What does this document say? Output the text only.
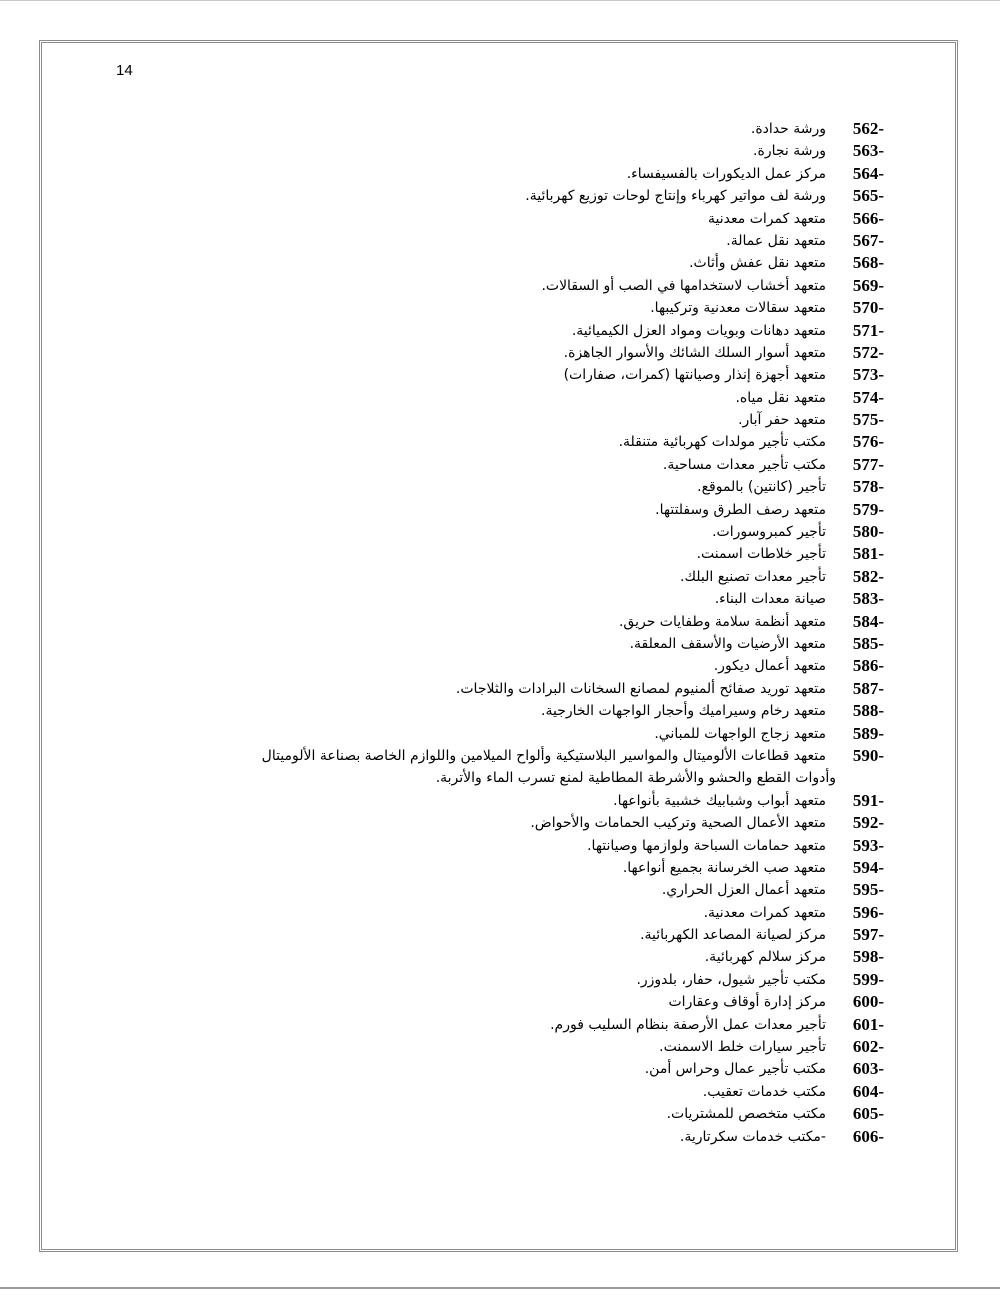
14
562-
ورشة حدادة.
563-
ورشة نجارة.
564-
مركز عمل الديكورات بالفسيفساء.
565-
ورشة لف مواتير كهرباء وإنتاج لوحات توزيع كهربائية.
566-
متعهد كمرات معدنية
567-
متعهد نقل عمالة.
568-
متعهد نقل عفش وأثاث.
569-
متعهد أخشاب لاستخدامها في الصب أو السقالات.
570-
متعهد سقالات معدنية وتركيبها.
571-
متعهد دهانات وبويات ومواد العزل الكيميائية.
572-
متعهد أسوار السلك الشائك والأسوار الجاهزة.
573-
متعهد أجهزة إنذار وصيانتها (كمرات، صفارات)
574-
متعهد نقل مياه.
575-
متعهد حفر آبار.
576-
مكتب تأجير مولدات كهربائية متنقلة.
577-
مكتب تأجير معدات مساحية.
578-
تأجير (كانتين) بالموقع.
579-
متعهد رصف الطرق وسفلتتها.
580-
تأجير كمبروسورات.
581-
تأجير خلاطات اسمنت.
582-
تأجير معدات تصنيع البلك.
583-
صيانة معدات البناء.
584-
متعهد أنظمة سلامة وطفايات حريق.
585-
متعهد الأرضيات والأسقف المعلقة.
586-
متعهد أعمال ديكور.
587-
متعهد توريد صفائح ألمنيوم لمصانع السخانات البرادات والثلاجات.
588-
متعهد رخام وسيراميك وأحجار الواجهات الخارجية.
589-
متعهد زجاج الواجهات للمباني.
590-
متعهد قطاعات الألوميتال والمواسير البلاستيكية وألواح الميلامين واللوازم الخاصة بصناعة الألوميتال
وأدوات القطع والحشو والأشرطة المطاطية لمنع تسرب الماء والأتربة.
591-
متعهد أبواب وشبابيك خشبية بأنواعها.
592-
متعهد الأعمال الصحية وتركيب الحمامات والأحواض.
593-
متعهد حمامات السباحة ولوازمها وصيانتها.
594-
متعهد صب الخرسانة بجميع أنواعها.
595-
متعهد أعمال العزل الحراري.
596-
متعهد كمرات معدنية.
597-
مركز لصيانة المصاعد الكهربائية.
598-
مركز سلالم كهربائية.
599-
مكتب تأجير شيول، حفار، بلدوزر.
600-
مركز إدارة أوقاف وعقارات
601-
تأجير معدات عمل الأرصفة بنظام السليب فورم.
602-
تأجير سيارات خلط الاسمنت.
603-
مكتب تأجير عمال وحراس أمن.
604-
مكتب خدمات تعقيب.
605-
مكتب متخصص للمشتريات.
606-
-مكتب خدمات سكرتارية.
